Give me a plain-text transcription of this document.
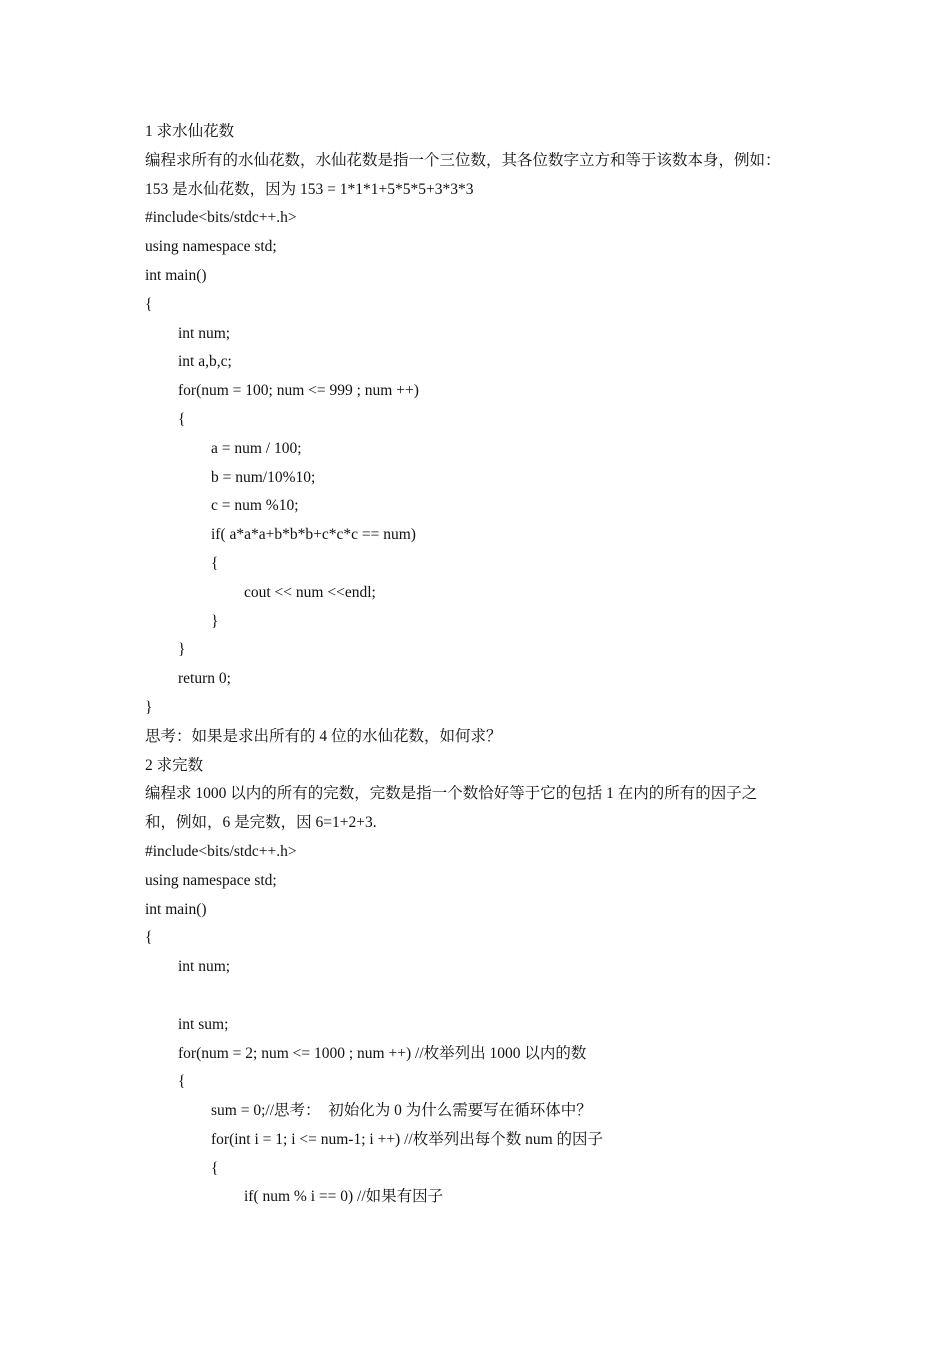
1 求水仙花数
编程求所有的水仙花数，水仙花数是指一个三位数，其各位数字立方和等于该数本身，例如：
153 是水仙花数，因为 153 = 1*1*1+5*5*5+3*3*3
#include<bits/stdc++.h>
using namespace std;
int main()
{
int num;
int a,b,c;
for(num = 100; num <= 999 ; num ++)
{
a = num / 100;
b = num/10%10;
c = num %10;
if( a*a*a+b*b*b+c*c*c == num)
{
cout << num <<endl;
}
}
return 0;
}
思考：如果是求出所有的 4 位的水仙花数，如何求？
2 求完数
编程求 1000 以内的所有的完数，完数是指一个数恰好等于它的包括 1 在内的所有的因子之
和，例如，6 是完数，因 6=1+2+3.
#include<bits/stdc++.h>
using namespace std;
int main()
{
int num;
int sum;
for(num = 2; num <= 1000 ; num ++) //枚举列出 1000 以内的数
{
sum = 0;//思考：  初始化为 0 为什么需要写在循环体中？
for(int i = 1; i <= num-1; i ++) //枚举列出每个数 num 的因子
{
if( num % i == 0) //如果有因子
